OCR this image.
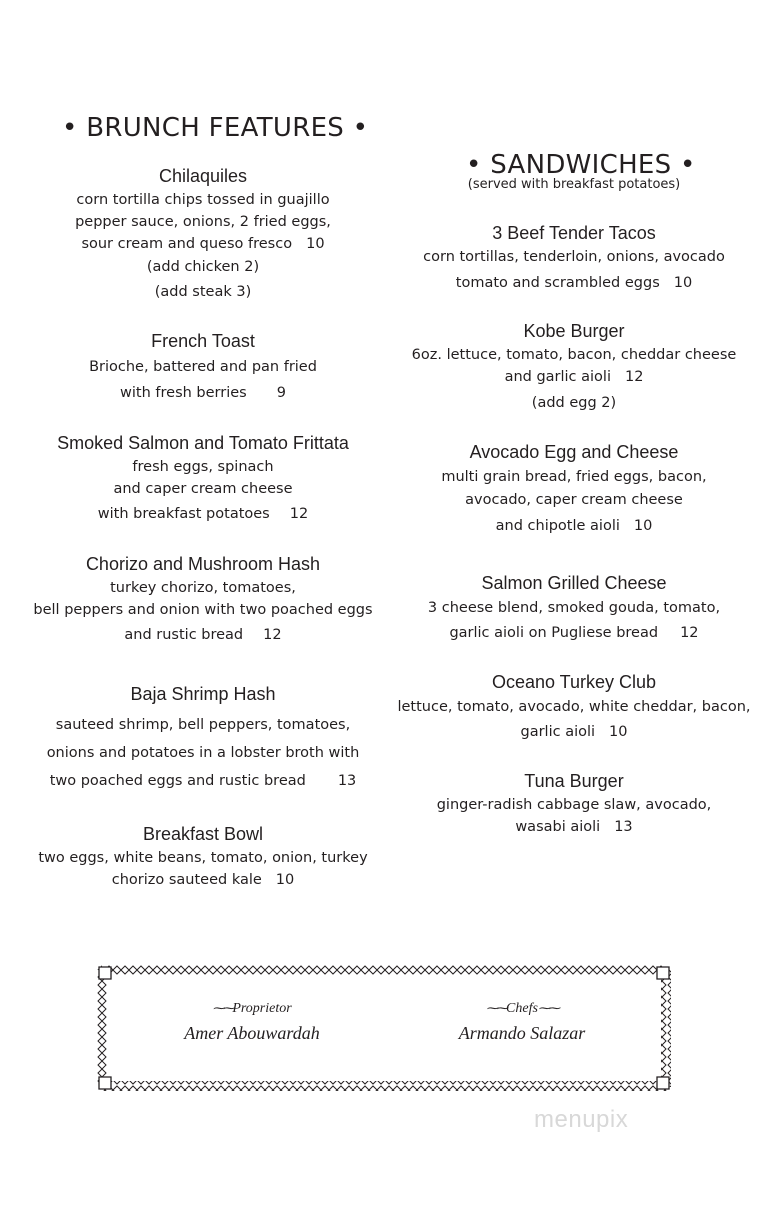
• BRUNCH FEATURES •
Chilaquiles
corn tortilla chips tossed in guajillo
pepper sauce, onions, 2 fried eggs,
sour cream and queso fresco 10
(add chicken 2)
(add steak 3)
French Toast
Brioche, battered and pan fried
with fresh berries 9
Smoked Salmon and Tomato Frittata
fresh eggs, spinach
and caper cream cheese
with breakfast potatoes 12
Chorizo and Mushroom Hash
turkey chorizo, tomatoes,
bell peppers and onion with two poached eggs
and rustic bread 12
Baja Shrimp Hash
sauteed shrimp, bell peppers, tomatoes,
onions and potatoes in a lobster broth with
two poached eggs and rustic bread 13
Breakfast Bowl
two eggs, white beans, tomato, onion, turkey
chorizo sauteed kale 10
• SANDWICHES •
(served with breakfast potatoes)
3 Beef Tender Tacos
corn tortillas, tenderloin, onions, avocado
tomato and scrambled eggs 10
Kobe Burger
6oz. lettuce, tomato, bacon, cheddar cheese
and garlic aioli 12
(add egg 2)
Avocado Egg and Cheese
multi grain bread, fried eggs, bacon,
avocado, caper cream cheese
and chipotle aioli 10
Salmon Grilled Cheese
3 cheese blend, smoked gouda, tomato,
garlic aioli on Pugliese bread 12
Oceano Turkey Club
lettuce, tomato, avocado, white cheddar, bacon,
garlic aioli 10
Tuna Burger
ginger-radish cabbage slaw, avocado,
wasabi aioli 13
⁓⁓Proprietor
Amer Abouwardah
⁓⁓Chefs⁓⁓
Armando Salazar
menupix
